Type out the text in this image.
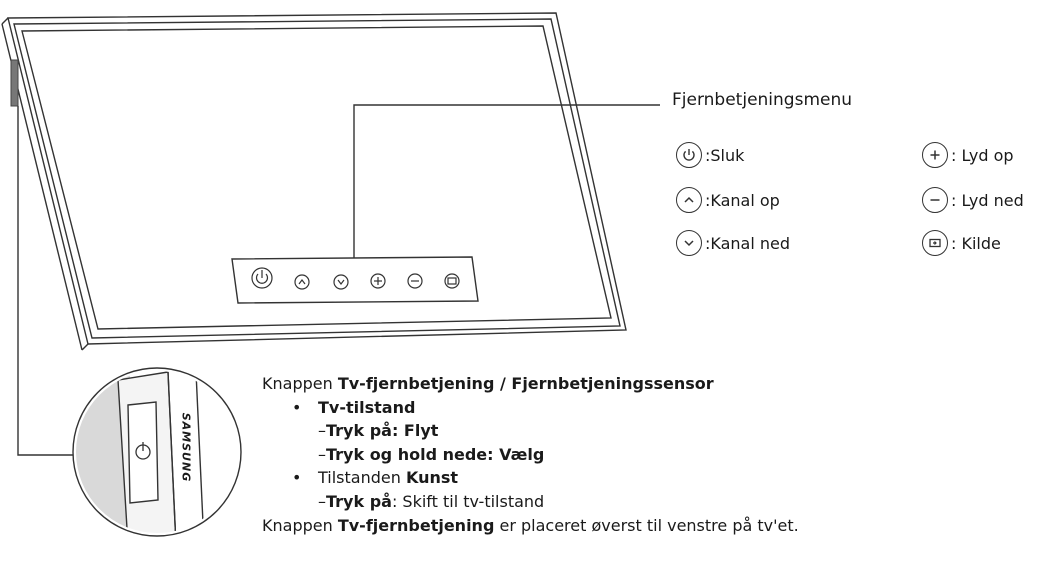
SAMSUNG
Fjernbetjeningsmenu
:Sluk
:Kanal op
:Kanal ned
: Lyd op
: Lyd ned
: Kilde
Knappen Tv-fjernbetjening / Fjernbetjeningssensor
• Tv-tilstand
–Tryk på: Flyt
–Tryk og hold nede: Vælg
• Tilstanden Kunst
–Tryk på: Skift til tv-tilstand
Knappen Tv-fjernbetjening er placeret øverst til venstre på tv'et.
